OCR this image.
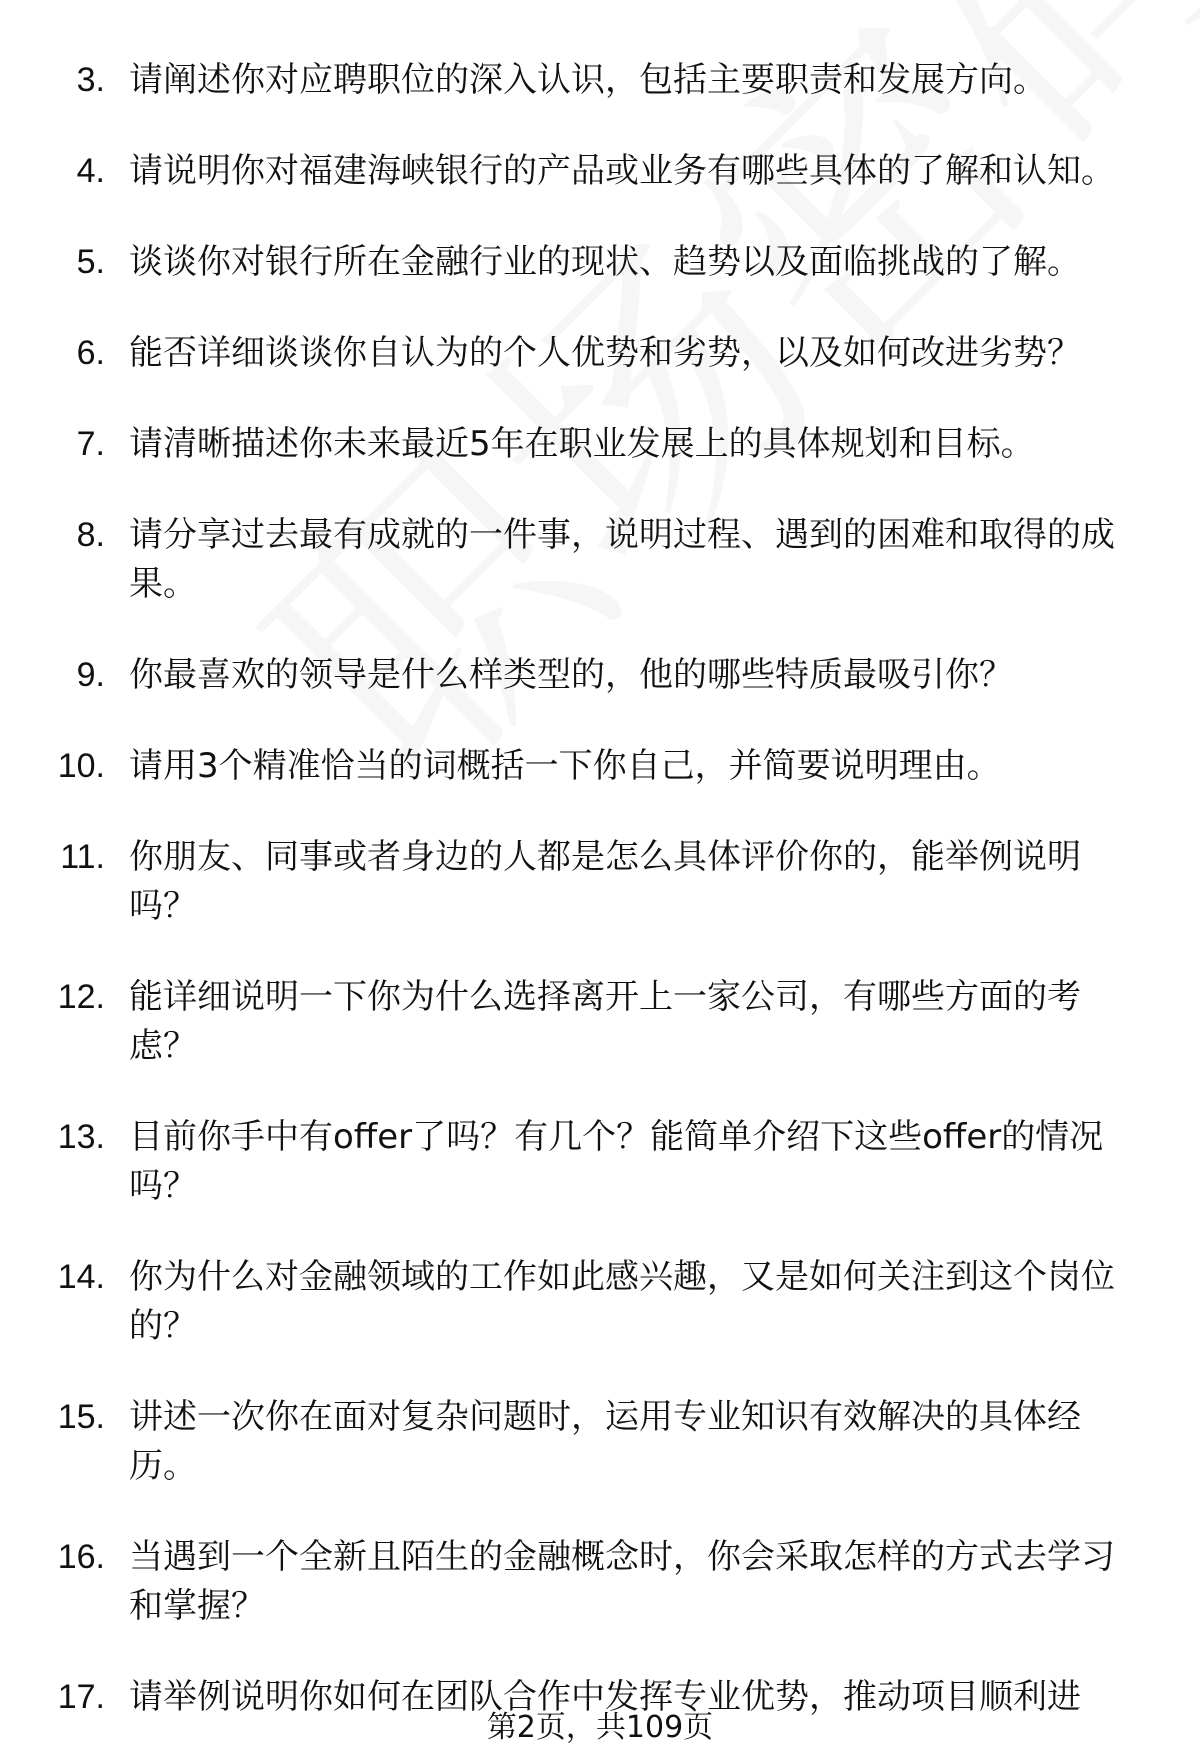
3. 请阐述你对应聘职位的深入认识，包括主要职责和发展方向。
4. 请说明你对福建海峡银行的产品或业务有哪些具体的了解和认知。
5. 谈谈你对银行所在金融行业的现状、趋势以及面临挑战的了解。
6. 能否详细谈谈你自认为的个人优势和劣势，以及如何改进劣势？
7. 请清晰描述你未来最近5年在职业发展上的具体规划和目标。
8. 请分享过去最有成就的一件事，说明过程、遇到的困难和取得的成果。
9. 你最喜欢的领导是什么样类型的，他的哪些特质最吸引你？
10. 请用3个精准恰当的词概括一下你自己，并简要说明理由。
11. 你朋友、同事或者身边的人都是怎么具体评价你的，能举例说明吗？
12. 能详细说明一下你为什么选择离开上一家公司，有哪些方面的考虑？
13. 目前你手中有offer了吗？有几个？能简单介绍下这些offer的情况吗？
14. 你为什么对金融领域的工作如此感兴趣，又是如何关注到这个岗位的？
15. 讲述一次你在面对复杂问题时，运用专业知识有效解决的具体经历。
16. 当遇到一个全新且陌生的金融概念时，你会采取怎样的方式去学习和掌握？
17. 请举例说明你如何在团队合作中发挥专业优势，推动项目顺利进
第2页，共109页
